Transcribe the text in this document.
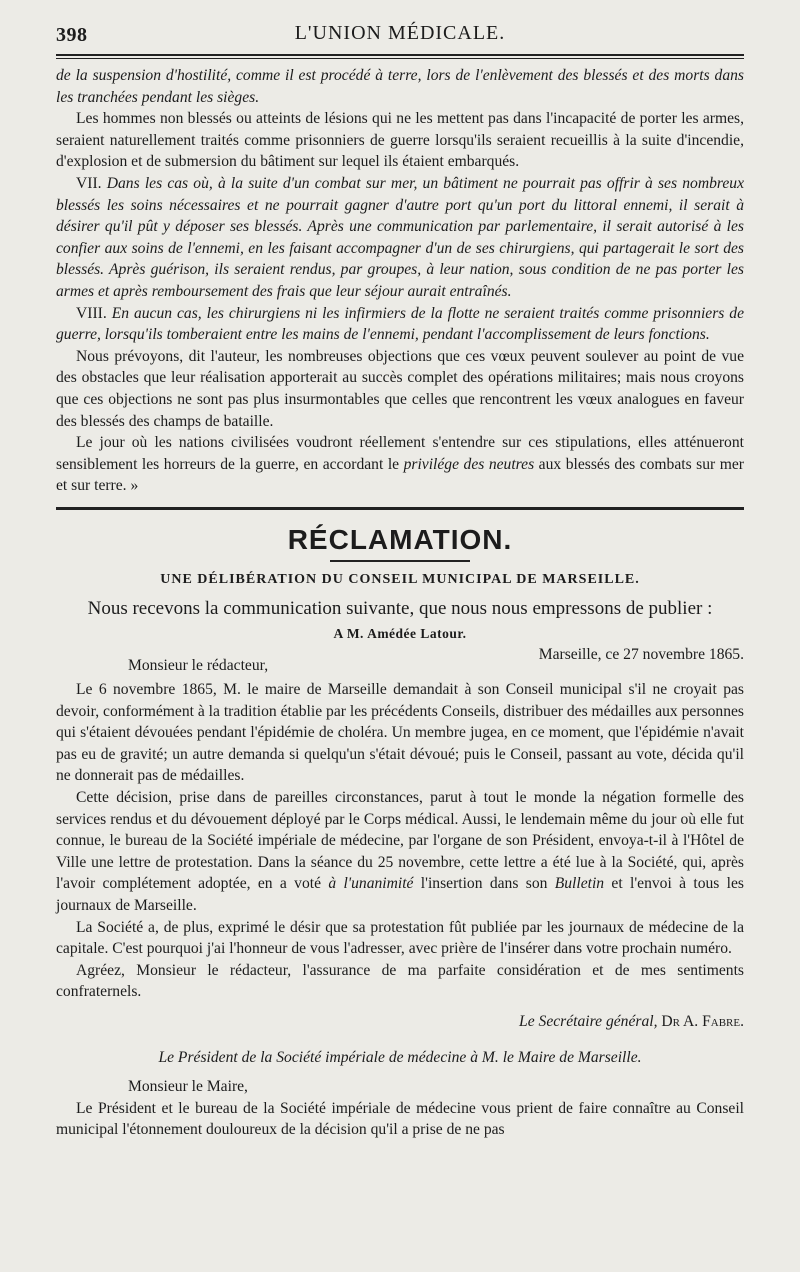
398	L'UNION MÉDICALE.

de la suspension d'hostilité, comme il est procédé à terre, lors de l'enlèvement des blessés et des morts dans les tranchées pendant les sièges.

Les hommes non blessés ou atteints de lésions qui ne les mettent pas dans l'incapacité de porter les armes, seraient naturellement traités comme prisonniers de guerre lorsqu'ils seraient recueillis à la suite d'incendie, d'explosion et de submersion du bâtiment sur lequel ils étaient embarqués.

VII. Dans les cas où, à la suite d'un combat sur mer, un bâtiment ne pourrait pas offrir à ses nombreux blessés les soins nécessaires et ne pourrait gagner d'autre port qu'un port du littoral ennemi, il serait à désirer qu'il pût y déposer ses blessés. Après une communication par parlementaire, il serait autorisé à les confier aux soins de l'ennemi, en les faisant accompagner d'un de ses chirurgiens, qui partagerait le sort des blessés. Après guérison, ils seraient rendus, par groupes, à leur nation, sous condition de ne pas porter les armes et après remboursement des frais que leur séjour aurait entraînés.

VIII. En aucun cas, les chirurgiens ni les infirmiers de la flotte ne seraient traités comme prisonniers de guerre, lorsqu'ils tomberaient entre les mains de l'ennemi, pendant l'accomplissement de leurs fonctions.

Nous prévoyons, dit l'auteur, les nombreuses objections que ces vœux peuvent soulever au point de vue des obstacles que leur réalisation apporterait au succès complet des opérations militaires; mais nous croyons que ces objections ne sont pas plus insurmontables que celles que rencontrent les vœux analogues en faveur des blessés des champs de bataille.

Le jour où les nations civilisées voudront réellement s'entendre sur ces stipulations, elles atténueront sensiblement les horreurs de la guerre, en accordant le privilége des neutres aux blessés des combats sur mer et sur terre. »

RÉCLAMATION.
UNE DÉLIBÉRATION DU CONSEIL MUNICIPAL DE MARSEILLE.
Nous recevons la communication suivante, que nous nous empressons de publier :
A M. Amédée Latour.
Marseille, ce 27 novembre 1865.
Monsieur le rédacteur,

Le 6 novembre 1865, M. le maire de Marseille demandait à son Conseil municipal s'il ne croyait pas devoir, conformément à la tradition établie par les précédents Conseils, distribuer des médailles aux personnes qui s'étaient dévouées pendant l'épidémie de choléra. Un membre jugea, en ce moment, que l'épidémie n'avait pas eu de gravité; un autre demanda si quelqu'un s'était dévoué; puis le Conseil, passant au vote, décida qu'il ne donnerait pas de médailles.

Cette décision, prise dans de pareilles circonstances, parut à tout le monde la négation formelle des services rendus et du dévouement déployé par le Corps médical. Aussi, le lendemain même du jour où elle fut connue, le bureau de la Société impériale de médecine, par l'organe de son Président, envoya-t-il à l'Hôtel de Ville une lettre de protestation. Dans la séance du 25 novembre, cette lettre a été lue à la Société, qui, après l'avoir complétement adoptée, en a voté à l'unanimité l'insertion dans son Bulletin et l'envoi à tous les journaux de Marseille.

La Société a, de plus, exprimé le désir que sa protestation fût publiée par les journaux de médecine de la capitale. C'est pourquoi j'ai l'honneur de vous l'adresser, avec prière de l'insérer dans votre prochain numéro.

Agréez, Monsieur le rédacteur, l'assurance de ma parfaite considération et de mes sentiments confraternels.

Le Secrétaire général, Dr A. Fabre.
Le Président de la Société impériale de médecine à M. le Maire de Marseille.
Monsieur le Maire,

Le Président et le bureau de la Société impériale de médecine vous prient de faire connaître au Conseil municipal l'étonnement douloureux de la décision qu'il a prise de ne pas
